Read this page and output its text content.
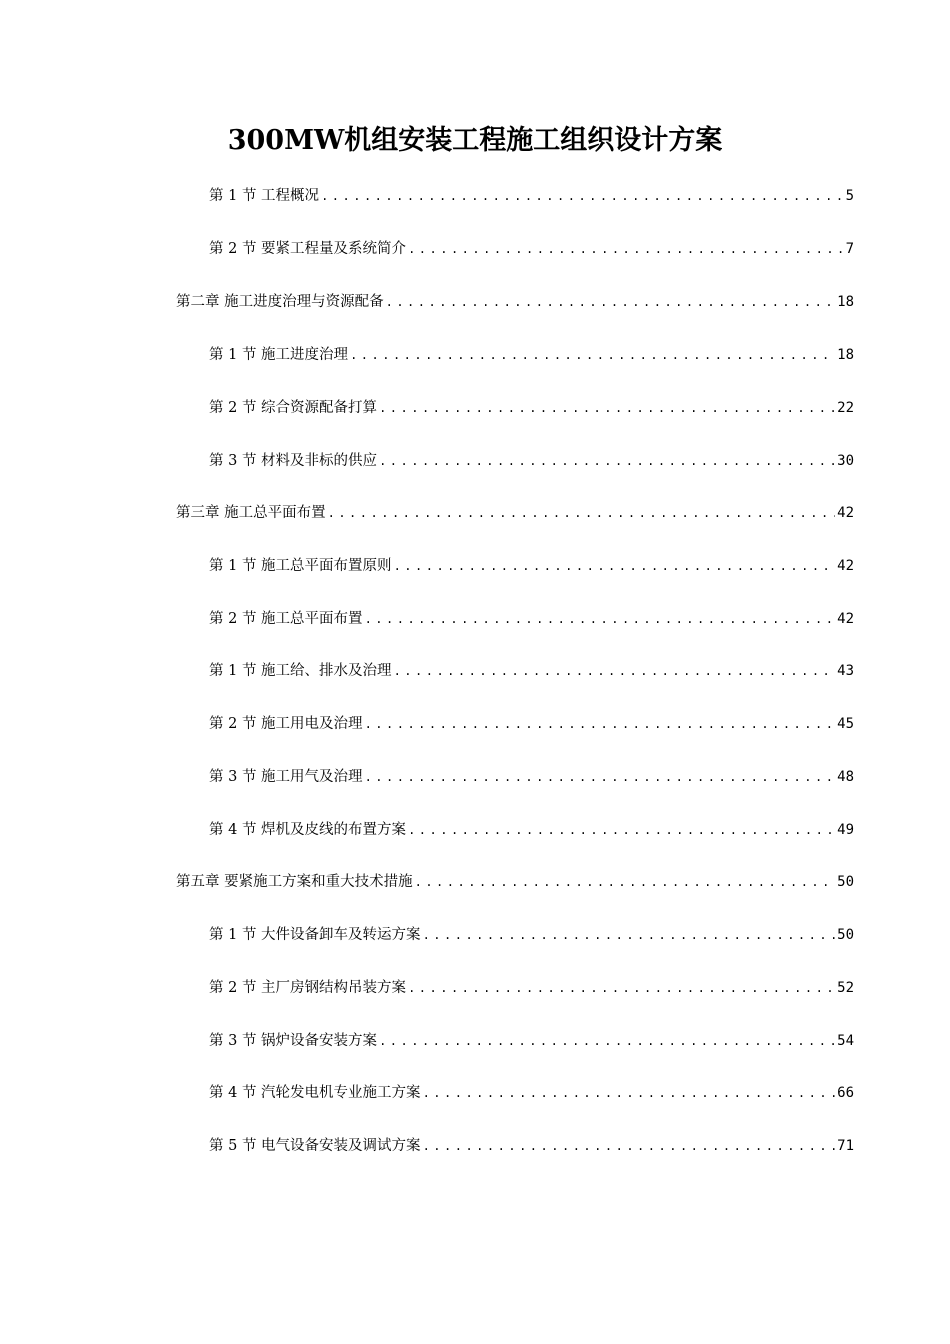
300MW机组安装工程施工组织设计方案
第 1 节 工程概况 .....	5
第 2 节 要紧工程量及系统简介 .....	7
第二章 施工进度治理与资源配备 .....	18
第 1 节 施工进度治理 .....	18
第 2 节 综合资源配备打算 .....	22
第 3 节 材料及非标的供应 .....	30
第三章 施工总平面布置 .....	42
第 1 节 施工总平面布置原则 .....	42
第 2 节 施工总平面布置 .....	42
第 1 节 施工给、排水及治理 .....	43
第 2 节 施工用电及治理 .....	45
第 3 节 施工用气及治理 .....	48
第 4 节 焊机及皮线的布置方案 .....	49
第五章 要紧施工方案和重大技术措施 .....	50
第 1 节 大件设备卸车及转运方案 .....	50
第 2 节 主厂房钢结构吊装方案 .....	52
第 3 节 锅炉设备安装方案 .....	54
第 4 节 汽轮发电机专业施工方案 .....	66
第 5 节 电气设备安装及调试方案 .....	71
